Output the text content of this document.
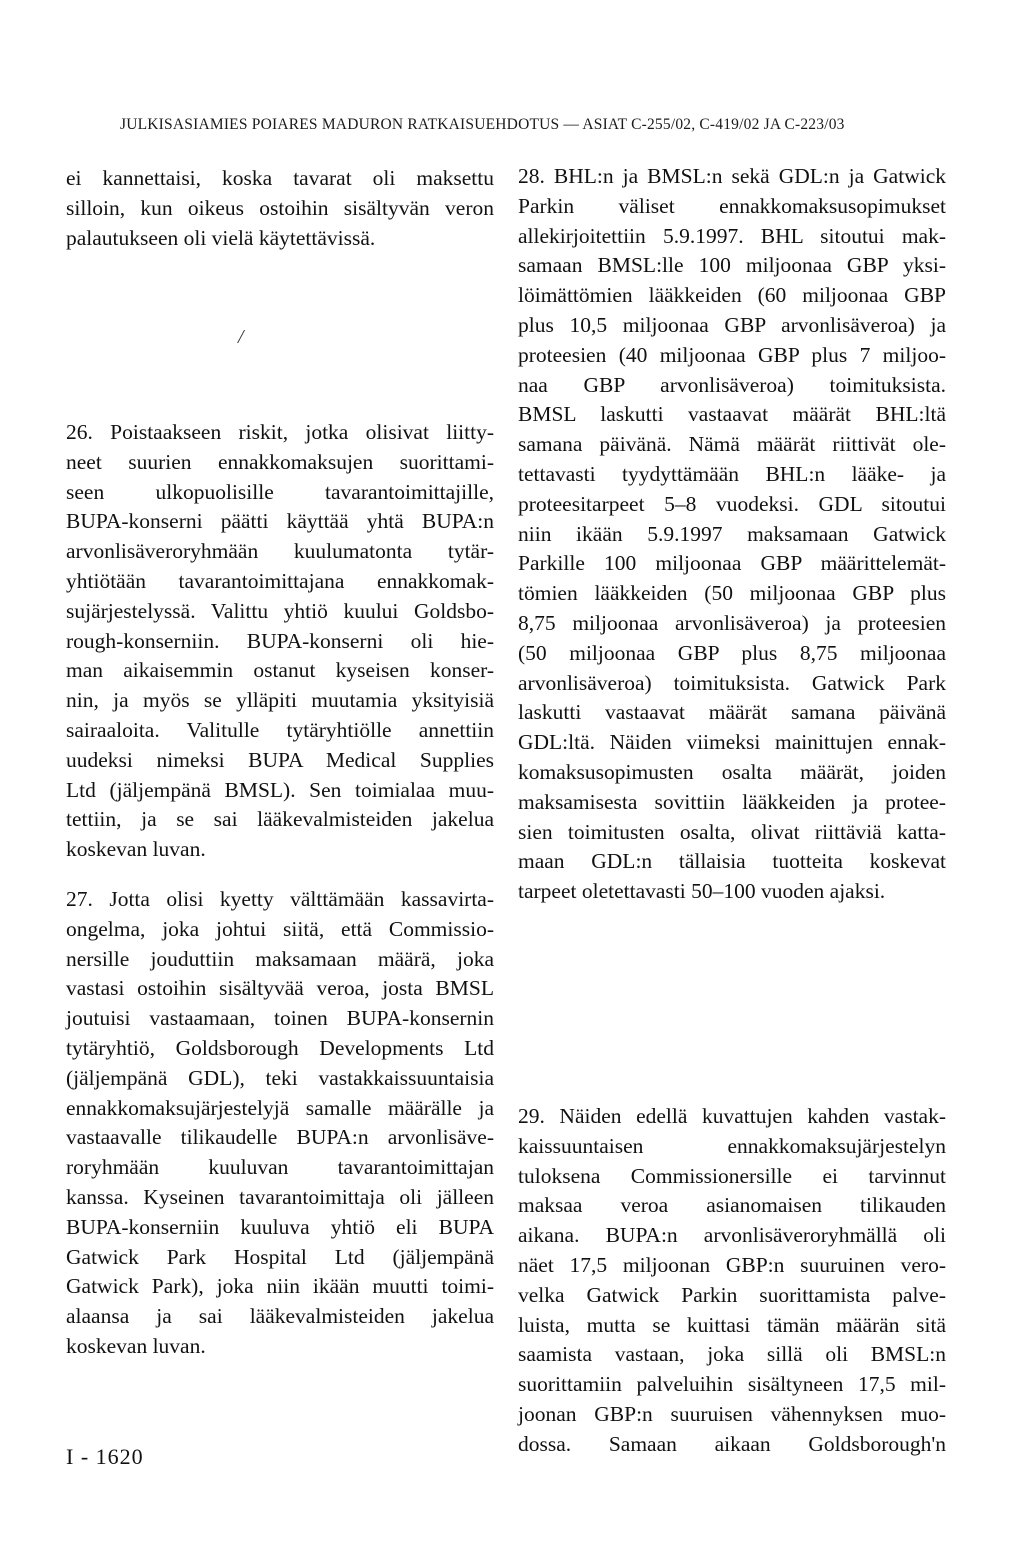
JULKISASIAMIES POIARES MADURON RATKAISUEHDOTUS — ASIAT C-255/02, C-419/02 JA C-223/03

ei kannettaisi, koska tavarat oli maksettu
silloin, kun oikeus ostoihin sisältyvän veron
palautukseen oli vielä käytettävissä.

/

26. Poistaakseen riskit, jotka olisivat liitty-
neet suurien ennakkomaksujen suorittami-
seen ulkopuolisille tavarantoimittajille,
BUPA-konserni päätti käyttää yhtä BUPA:n
arvonlisäveroryhmään kuulumatonta tytär-
yhtiötään tavarantoimittajana ennakkomak-
sujärjestelyssä. Valittu yhtiö kuului Goldsbo-
rough-konserniin. BUPA-konserni oli hie-
man aikaisemmin ostanut kyseisen konser-
nin, ja myös se ylläpiti muutamia yksityisiä
sairaaloita. Valitulle tytäryhtiölle annettiin
uudeksi nimeksi BUPA Medical Supplies
Ltd (jäljempänä BMSL). Sen toimialaa muu-
tettiin, ja se sai lääkevalmisteiden jakelua
koskevan luvan.

27. Jotta olisi kyetty välttämään kassavirta-
ongelma, joka johtui siitä, että Commissio-
nersille jouduttiin maksamaan määrä, joka
vastasi ostoihin sisältyvää veroa, josta BMSL
joutuisi vastaamaan, toinen BUPA-konsernin
tytäryhtiö, Goldsborough Developments Ltd
(jäljempänä GDL), teki vastakkaissuuntaisia
ennakkomaksujärjestelyjä samalle määrälle ja
vastaavalle tilikaudelle BUPA:n arvonlisäve-
roryhmään kuuluvan tavarantoimittajan
kanssa. Kyseinen tavarantoimittaja oli jälleen
BUPA-konserniin kuuluva yhtiö eli BUPA
Gatwick Park Hospital Ltd (jäljempänä
Gatwick Park), joka niin ikään muutti toimi-
alaansa ja sai lääkevalmisteiden jakelua
koskevan luvan.

28. BHL:n ja BMSL:n sekä GDL:n ja Gatwick
Parkin väliset ennakkomaksusopimukset
allekirjoitettiin 5.9.1997. BHL sitoutui mak-
samaan BMSL:lle 100 miljoonaa GBP yksi-
löimättömien lääkkeiden (60 miljoonaa GBP
plus 10,5 miljoonaa GBP arvonlisäveroa) ja
proteesien (40 miljoonaa GBP plus 7 miljoo-
naa GBP arvonlisäveroa) toimituksista.
BMSL laskutti vastaavat määrät BHL:ltä
samana päivänä. Nämä määrät riittivät ole-
tettavasti tyydyttämään BHL:n lääke- ja
proteesitarpeet 5–8 vuodeksi. GDL sitoutui
niin ikään 5.9.1997 maksamaan Gatwick
Parkille 100 miljoonaa GBP määrittelemät-
tömien lääkkeiden (50 miljoonaa GBP plus
8,75 miljoonaa arvonlisäveroa) ja proteesien
(50 miljoonaa GBP plus 8,75 miljoonaa
arvonlisäveroa) toimituksista. Gatwick Park
laskutti vastaavat määrät samana päivänä
GDL:ltä. Näiden viimeksi mainittujen ennak-
komaksusopimusten osalta määrät, joiden
maksamisesta sovittiin lääkkeiden ja protee-
sien toimitusten osalta, olivat riittäviä katta-
maan GDL:n tällaisia tuotteita koskevat
tarpeet oletettavasti 50–100 vuoden ajaksi.

29. Näiden edellä kuvattujen kahden vastak-
kaissuuntaisen ennakkomaksujärjestelyn
tuloksena Commissionersille ei tarvinnut
maksaa veroa asianomaisen tilikauden
aikana. BUPA:n arvonlisäveroryhmällä oli
näet 17,5 miljoonan GBP:n suuruinen vero-
velka Gatwick Parkin suorittamista palve-
luista, mutta se kuittasi tämän määrän sitä
saamista vastaan, joka sillä oli BMSL:n
suorittamiin palveluihin sisältyneen 17,5 mil-
joonan GBP:n suuruisen vähennyksen muo-
dossa. Samaan aikaan Goldsborough'n

I - 1620
